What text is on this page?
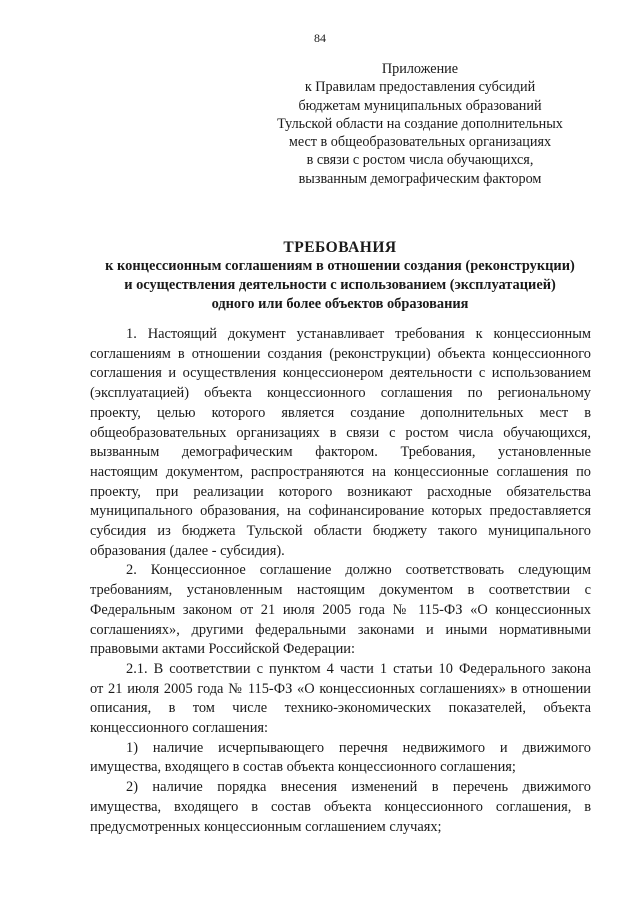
84
Приложение
к Правилам предоставления субсидий
бюджетам муниципальных образований
Тульской области на создание дополнительных
мест в общеобразовательных организациях
в связи с ростом числа обучающихся,
вызванным демографическим фактором
ТРЕБОВАНИЯ
к концессионным соглашениям в отношении создания (реконструкции)
и осуществления деятельности с использованием (эксплуатацией)
одного или более объектов образования
1. Настоящий документ устанавливает требования к концессионным
соглашениям в отношении создания (реконструкции) объекта концессионного
соглашения и осуществления концессионером деятельности с использованием
(эксплуатацией) объекта концессионного соглашения по региональному
проекту, целью которого является создание дополнительных мест в
общеобразовательных организациях в связи с ростом числа обучающихся,
вызванным демографическим фактором. Требования, установленные
настоящим документом, распространяются на концессионные соглашения по
проекту, при реализации которого возникают расходные обязательства
муниципального образования, на софинансирование которых предоставляется
субсидия из бюджета Тульской области бюджету такого муниципального
образования (далее - субсидия).
2. Концессионное соглашение должно соответствовать следующим
требованиям, установленным настоящим документом в соответствии с
Федеральным законом от 21 июля 2005 года № 115-ФЗ «О концессионных
соглашениях», другими федеральными законами и иными нормативными
правовыми актами Российской Федерации:
2.1. В соответствии с пунктом 4 части 1 статьи 10 Федерального закона
от 21 июля 2005 года № 115-ФЗ «О концессионных соглашениях» в отношении
описания, в том числе технико-экономических показателей, объекта
концессионного соглашения:
1) наличие исчерпывающего перечня недвижимого и движимого
имущества, входящего в состав объекта концессионного соглашения;
2) наличие порядка внесения изменений в перечень движимого
имущества, входящего в состав объекта концессионного соглашения, в
предусмотренных концессионным соглашением случаях;
